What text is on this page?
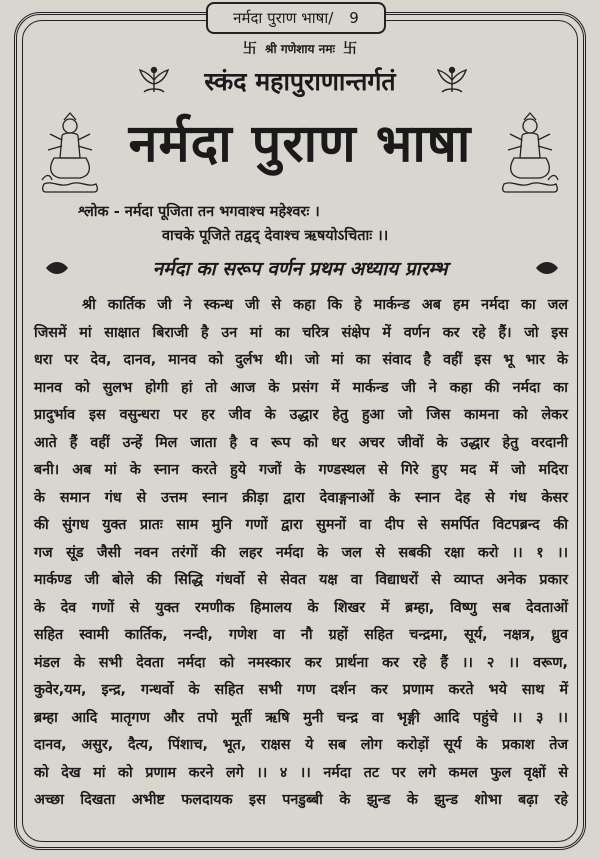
नर्मदा पुराण भाषा/ 9
卐 श्री गणेशाय नमः 卐
स्कंद महापुराणान्तर्गतं
नर्मदा पुराण भाषा
श्लोक - नर्मदा पूजिता तन भगवाश्च महेश्वरः ।
वाचके पूजिते तद्वद् देवाश्च ऋषयोऽचिताः ।।
नर्मदा का सरूप वर्णन प्रथम अध्याय प्रारम्भ
श्री कार्तिक जी ने स्कन्ध जी से कहा कि हे मार्कन्ड अब हम नर्मदा का जल
जिसमें मां साक्षात बिराजी है उन मां का चरित्र संक्षेप में वर्णन कर रहे हैं। जो इस
धरा पर देव, दानव, मानव को दुर्लभ थी। जो मां का संवाद है वहीं इस भू भार के
मानव को सुलभ होगी हां तो आज के प्रसंग में मार्कन्ड जी ने कहा की नर्मदा का
प्रादुर्भाव इस वसुन्धरा पर हर जीव के उद्धार हेतु हुआ जो जिस कामना को लेकर
आते हैं वहीं उन्हें मिल जाता है व रूप को धर अचर जीवों के उद्धार हेतु वरदानी
बनी। अब मां के स्नान करते हुये गजों के गण्डस्थल से गिरे हुए मद में जो मदिरा
के समान गंध से उत्तम स्नान क्रीड़ा द्वारा देवाङ्गनाओं के स्नान देह से गंध केसर
की सुंगध युक्त प्रातः साम मुनि गणों द्वारा सुमनों वा दीप से समर्पित विटपब्रन्द की
गज सूंड जैसी नवन तरंगों की लहर नर्मदा के जल से सबकी रक्षा करो ।। १ ।।
मार्कण्ड जी बोले की सिद्धि गंधर्वो से सेवत यक्ष वा विद्याधरों से व्याप्त अनेक प्रकार
के देव गणों से युक्त रमणीक हिमालय के शिखर में ब्रम्हा, विष्णु सब देवताओं
सहित स्वामी कार्तिक, नन्दी, गणेश वा नौ ग्रहों सहित चन्द्रमा, सूर्य, नक्षत्र, ध्रुव
मंडल के सभी देवता नर्मदा को नमस्कार कर प्रार्थना कर रहे हैं ।। २ ।। वरूण,
कुवेर,यम, इन्द्र, गन्धर्वो के सहित सभी गण दर्शन कर प्रणाम करते भये साथ में
ब्रम्हा आदि मातृगण और तपो मूर्ती ऋषि मुनी चन्द्र वा भृङ्गी आदि पहुंचे ।। ३ ।।
दानव, असुर, दैत्य, पिंशाच, भूत, राक्षस ये सब लोग करोड़ों सूर्य के प्रकाश तेज
को देख मां को प्रणाम करने लगे ।। ४ ।। नर्मदा तट पर लगे कमल फुल वृक्षों से
अच्छा दिखता अभीष्ट फलदायक इस पनडुब्बी के झुन्ड के झुन्ड शोभा बढ़ा रहे
